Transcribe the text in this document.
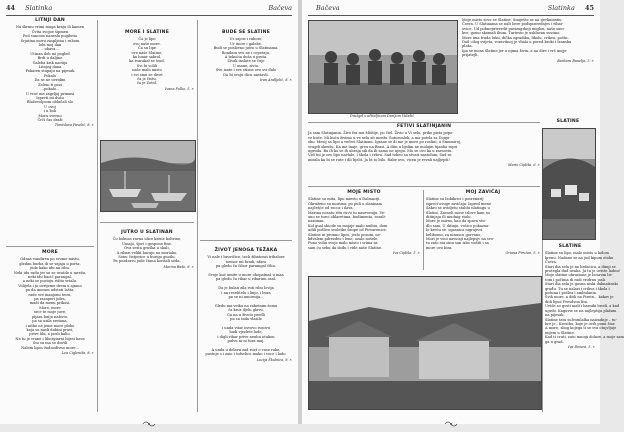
44 Slatinka	Bačeva
LITNJI DAN
Na škrmu vrimi muga kraju ili kamen
Ćvita svojoe šipmen
Pod suncom nanesla pogibeta
Srjatina moru zaspljena i ruhom
lobi moj dan
...ubava...
Utinan deh mi pogled
Brdi u daljine
Galeba krik naršija
Litnjeg dana
Pokaten stupaju na pijesak
Pokalo
Da se ne uvridim
Zeleni ti pozi
...pokalo...
U vroć me zagrljaj primasi
Ispreti mi dušu
Blažovoljnom oblučali slo
U ovoj
i u boli
Moru sverno
Črči čas draži
Tomislava Pavelić, 8. r.
MORE
Odnas vandiren po svome mistu,
gledan burba di se vajaju u porta,
jude kako idu na ribu.
Neki idu radu jer su se uvatile u mrežu,
neki idu bacić parangal,
a neki se postoju rišita vrtalu.
Volijela i ja uvrijeme drem u ajnmo
pa da moram udstati lašta,
rade sve manjomi teori,
pa razaperi jidra,
mudi da menu prikosi.
More, more
srce te moje juve,
pijara buiju naživio,
pa sa uzila sretana,
i nitko ne jeme more plohe
koja su nasli dubini pravi,
prive libi, a posli kalio.
Na tu je vrane i liborgiarni bijesi bava
Sni su ma se dnvili
Nalem lipos žudnodivno more...
Lea Cigleniša, 8. r.
MORE I SLATINE
Ča je lipo
ovo naše more.
Ča su lipe
ove naše Slatine,
ka lunar sakrol,
ka tvarakal se trud,
Svi bi volili
naše malo misto
i svi smu se divet
ča je čistu,
ča je Zotol.
Ivana Pulko, 5. r.
JUTRO U SLATINAN
Čo bokuos ravna ulice krene koltrine,
Umajo, šjori i gospone fine.
Ova sesta gruška u skali,
A ribari veliki bacaju na moriako.
Sonu čistjerice u burigo gnoilu,
Pa pozdravu jude čiuna koritali seda.
Marina Baše, 8. r.
BUDE SE SLATINE
Ur sajcie i rabore,
Ur more i galebe.
Budi se poslovno jutro u Slatinama.
Bonibuu svu ne i cepetaju,
A tekućia duša u pruta.
Zivak inslate se čuje
U mane, ziviu.
Sve izate i sve stisne ove svi đalo
Da bi svoju dicu nastavli.
Iran Andljelić, 8. r.
ŽIVOT JENOGA TEŽAKA
Vi nale i bruvičice, teck žibatonri tribalore
nemov mi bradi, nfaro
pa gledu ča čibor paramgal čiliu.

Svoje kuć umite u more ohopatnaš u maa
pa gledu ča ribar u ribarum osal.

Da je bulan zila ruti ribu lovija
i na reselitelu i linjo, i bura
pa se ni umornija...

Gledu ma veiku na raketnim šemu
ča kroz djelu glavu,
Ga na u životo predli
pa su tada vlazile

i unda vitar osvovo rusovu
hudi vjezlete lade,
i digli ribar prive neubu otukon
pulvu ni ni tura maj.

A unda u delavu zad ruet o vase ruke,
pustoje s i zaio i tufsvlico muko i voce i lado.
Lucija Škulnica, 8. r.
Bačeva	Slatinka 45
Družgiš s učiteljicom Darijom Vulašić
Moje misto zove se Slatine. Smiješte se na ijevkuinstiu
Čovra. U Slatinama se nalt bere podsposrednjes i ribar-
ovice. Ud pobnepriverdit pavizagrkeji miglon, naše smo-
kve, gomo skomali ilium. Turiesto je usklavan suvimo.
More ima truda luku, dička ogradiku, likolu, crikvu, poštu.
Dail cilog svijeta, voravitnoj je vhala u pored kroki i Izansku
plaža.
Ipa se mosa Slatine jer u njima živin, a na dire i vrš mojje
prijatejli.
Barbara Banelja, 5. r.
FETIVI SLATINJANIN
Ja sam Slatinjanin. Živo fra mu Mištije, po čiel. Živio u Vi selu, priko pista popo-
ve kuće. Mi kuću živimo u ve selu sit mrežu Guturonlek, a ma potrla sa Donju-
oko. Mesij sa lipo a večeri Slatinam. Igrane se di me je more po roslini, u Šmumiroj,
svugdi okrušu. Ka me inaje, greu na Brasi. A ditu u bjelim ne molajm tijanba tupri
ugruda. Ba ih ko se ih ubraja sik da ih samo ne njegu. Mo se ovo ka u zarnoviu.
Vrd tni je oro lipo navlale, i škola i crkvu. Sad tebeu sa stvari nastolum. Sad se
mirala ka bi se rute i dli bjelit. Ja bi to bilo. Rabe ovo, vicen je revali najljepši!
Mario Cipliša, 6. r.
SLATINE
MOJE MISTO
Slatine su mita, lipo miesto u Dalmaciji.
Okruženo su morima, po puli u slaninam
najčešće od rocca i ilava.
Marina nosatu ritu ruvu tu naseveniju. Ve-
ano se turci oblaretima, budimenta, rozali-
nazunan.
Kol gual shiode su mojaje malo nuibiu, dom
udili pošlivo svoletke ûsope od Pirvarenice.
Slatine ni pronno lipos, jezlo pozoni, ne-
kdvalem pdrezdeo i lene, ozalo nošele.
Puno voliu svoje malo misto i srima sa
sam ću sehu da dođu i vide naše Slatine.
Iva Cipliša, 5. r.
MOJ ZAVIČAJ
Slatine su bokikrici i posrenurij
ispreci'ovoge zavičaja. Ispred mene
Sakro se uvidjetu stablu nlatingu u
Slatini. Zavoeli mose izlove kam su
ditinjaju ili mudnig stolu.
More je mirno, kao da spava stu-
dlo sam, U ditinjn. vošico pokazua-
lo kreću se. ogasnica nigrajivri
kelibomo, za ninuscu gorvano,
Mori je veoi navicaji najlepsjv na svo-
tu zato sta sinu san izbo voditi i sa
more ovo bira.
Oriana Pirvžan, 5. r.
SLATINE
Slatine su lipo, malo misto u kolom
krenu. Nadane se na jud kipom otoku
Čovra.
Stari dia sela je na brdacica, a dimji se
protegla dud uvaliz. Ja tu je uvisto ladnu!
Moje slatine okruzione je bonrom lis-
tom i počima di radi vridrnu jasli.
Stari dia sela je gusun niski dalmatinski
građu. Tu se nalazi i crikva i škola i
pošuna i pošlea i ambulanta.
Svih more, a ditli na Pirein... kakav je
didi lipoć Presdvon lita.
Uvide so gosti mali i barniki brodi, a kad
ugrdo. Kaguvie se na najlepšiju plažam
na pijesak.
Slatine tatu sulvomlalka naizadnje – tu-
bre je.. Krestbo, koje je ovih pomi štor.
A more, zbog kojega ti se sva otujvljuje
mijem u Slatine.
Kad ti cruti, zato mnogi dolaze, a moje sam
ga u grad.
Iva Denesi, 5. r.
